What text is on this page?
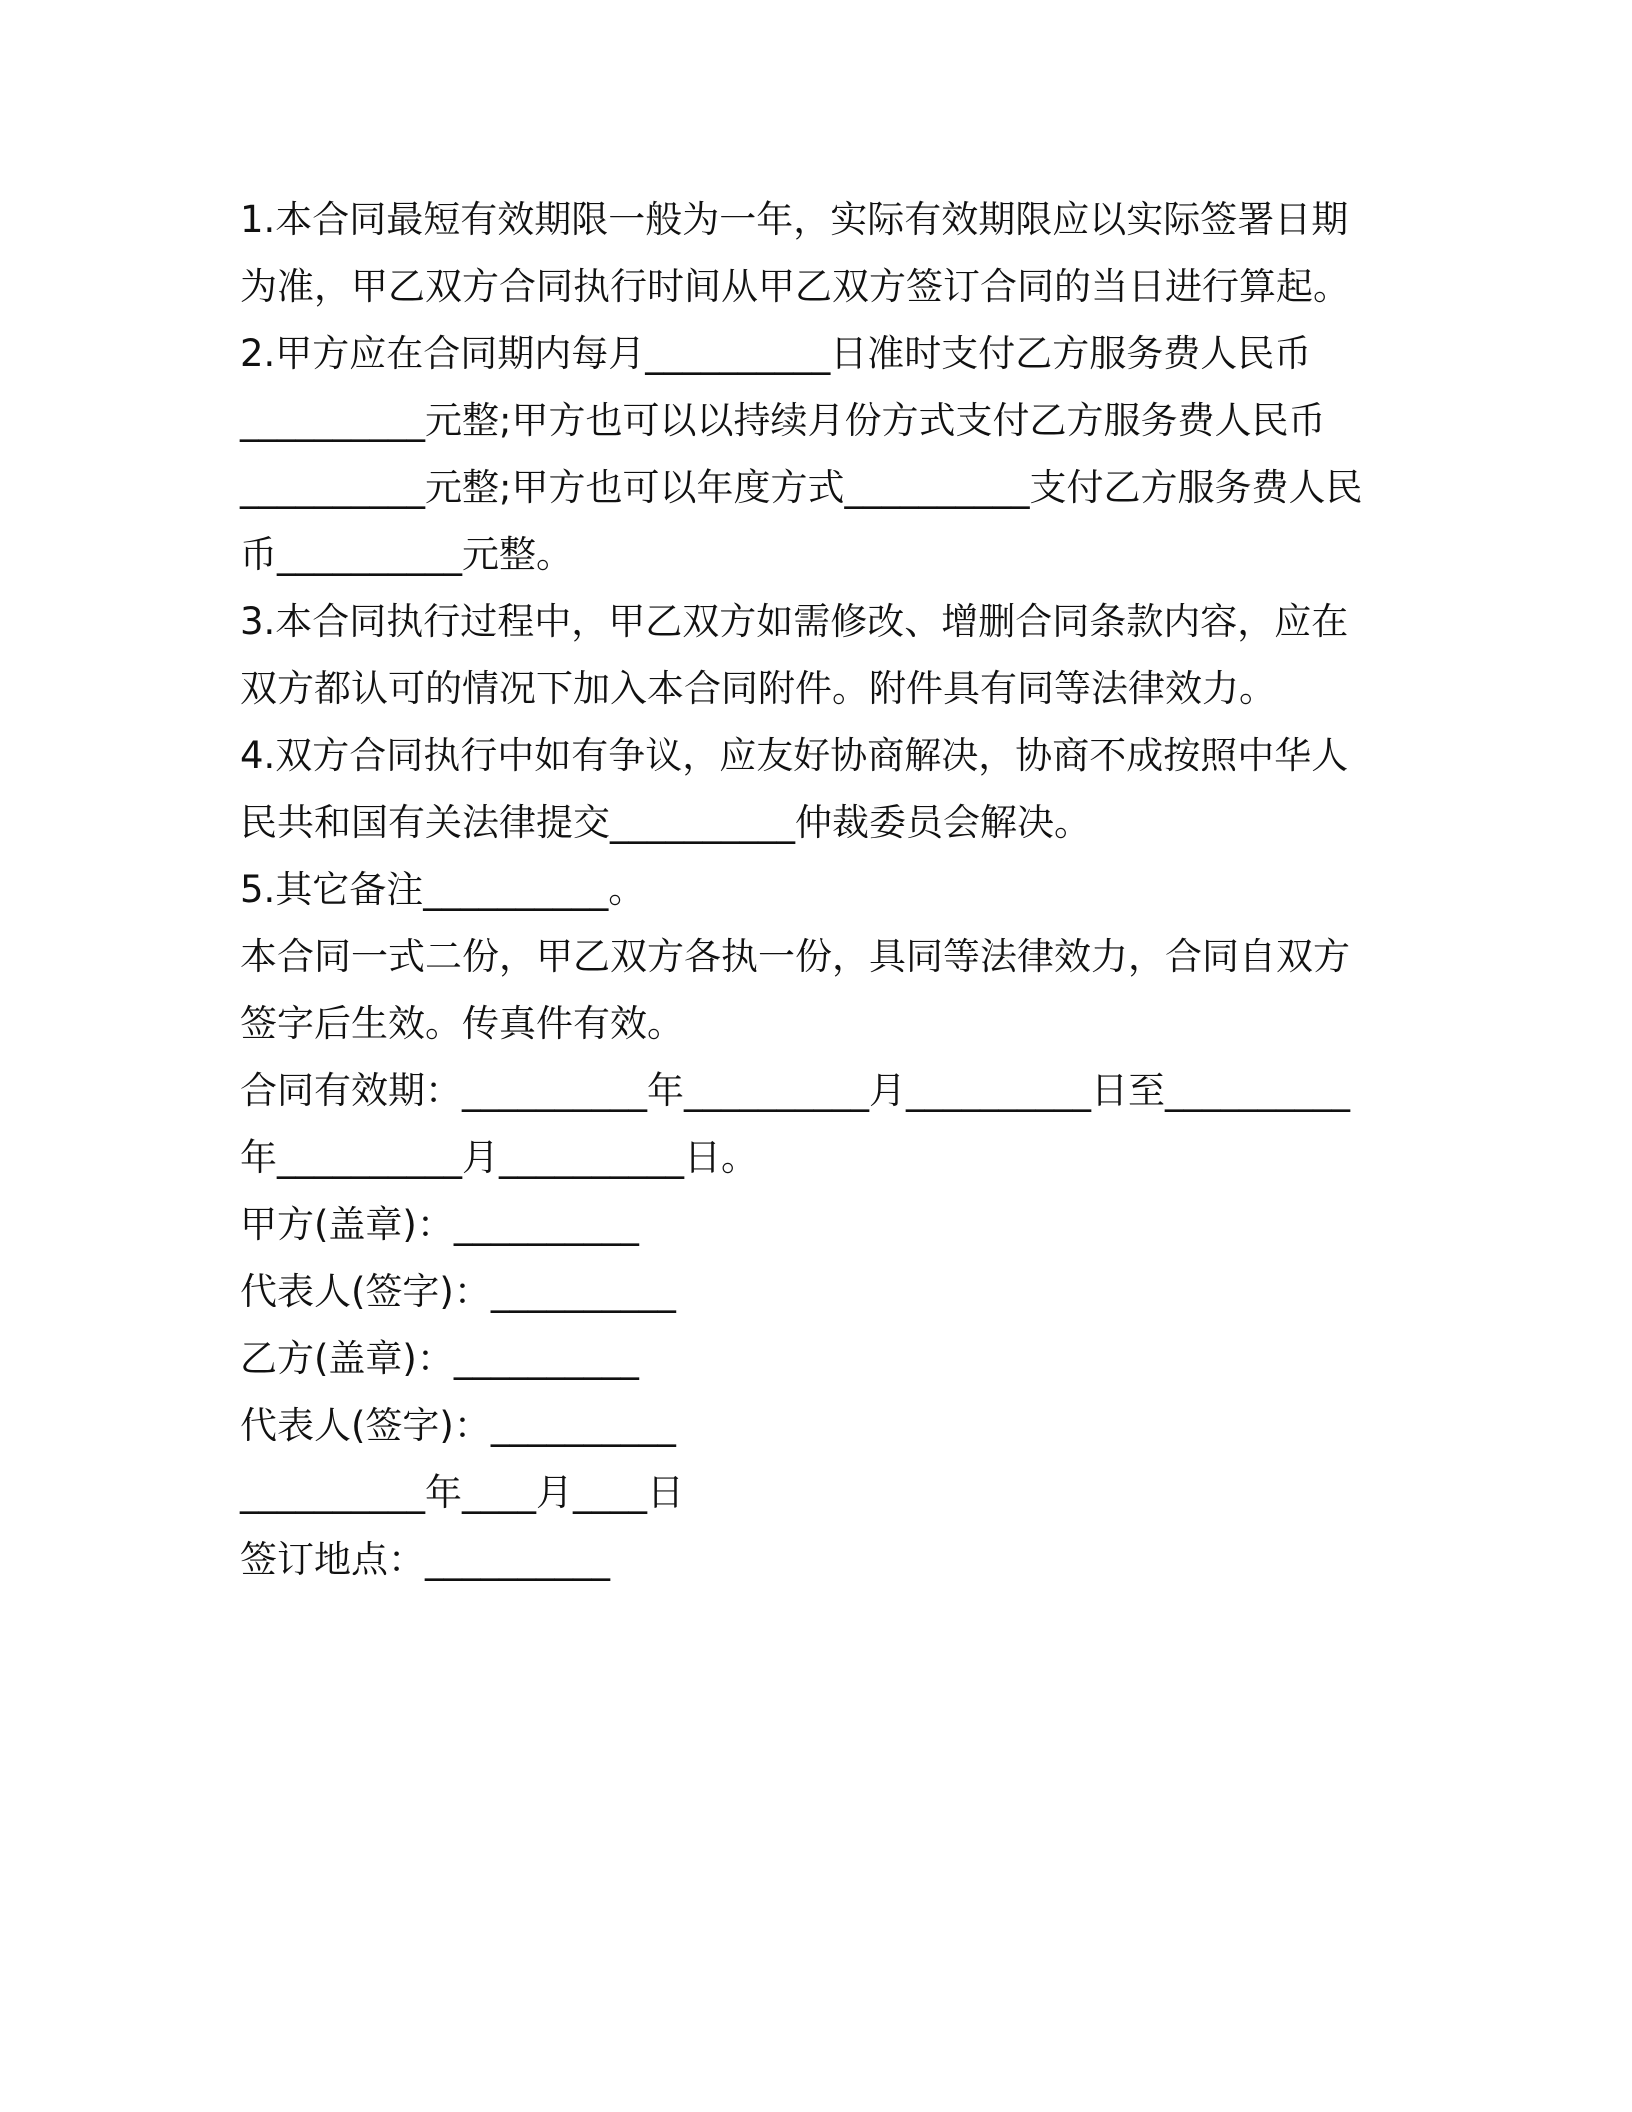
1.本合同最短有效期限一般为一年，实际有效期限应以实际签署日期
为准，甲乙双方合同执行时间从甲乙双方签订合同的当日进行算起。
2.甲方应在合同期内每月__________日准时支付乙方服务费人民币
__________元整;甲方也可以以持续月份方式支付乙方服务费人民币
__________元整;甲方也可以年度方式__________支付乙方服务费人民
币__________元整。
3.本合同执行过程中，甲乙双方如需修改、增删合同条款内容，应在
双方都认可的情况下加入本合同附件。附件具有同等法律效力。
4.双方合同执行中如有争议，应友好协商解决，协商不成按照中华人
民共和国有关法律提交__________仲裁委员会解决。
5.其它备注__________。
本合同一式二份，甲乙双方各执一份，具同等法律效力，合同自双方
签字后生效。传真件有效。
合同有效期：__________年__________月__________日至__________
年__________月__________日。
甲方(盖章)：__________
代表人(签字)：__________
乙方(盖章)：__________
代表人(签字)：__________
__________年____月____日
签订地点：__________
